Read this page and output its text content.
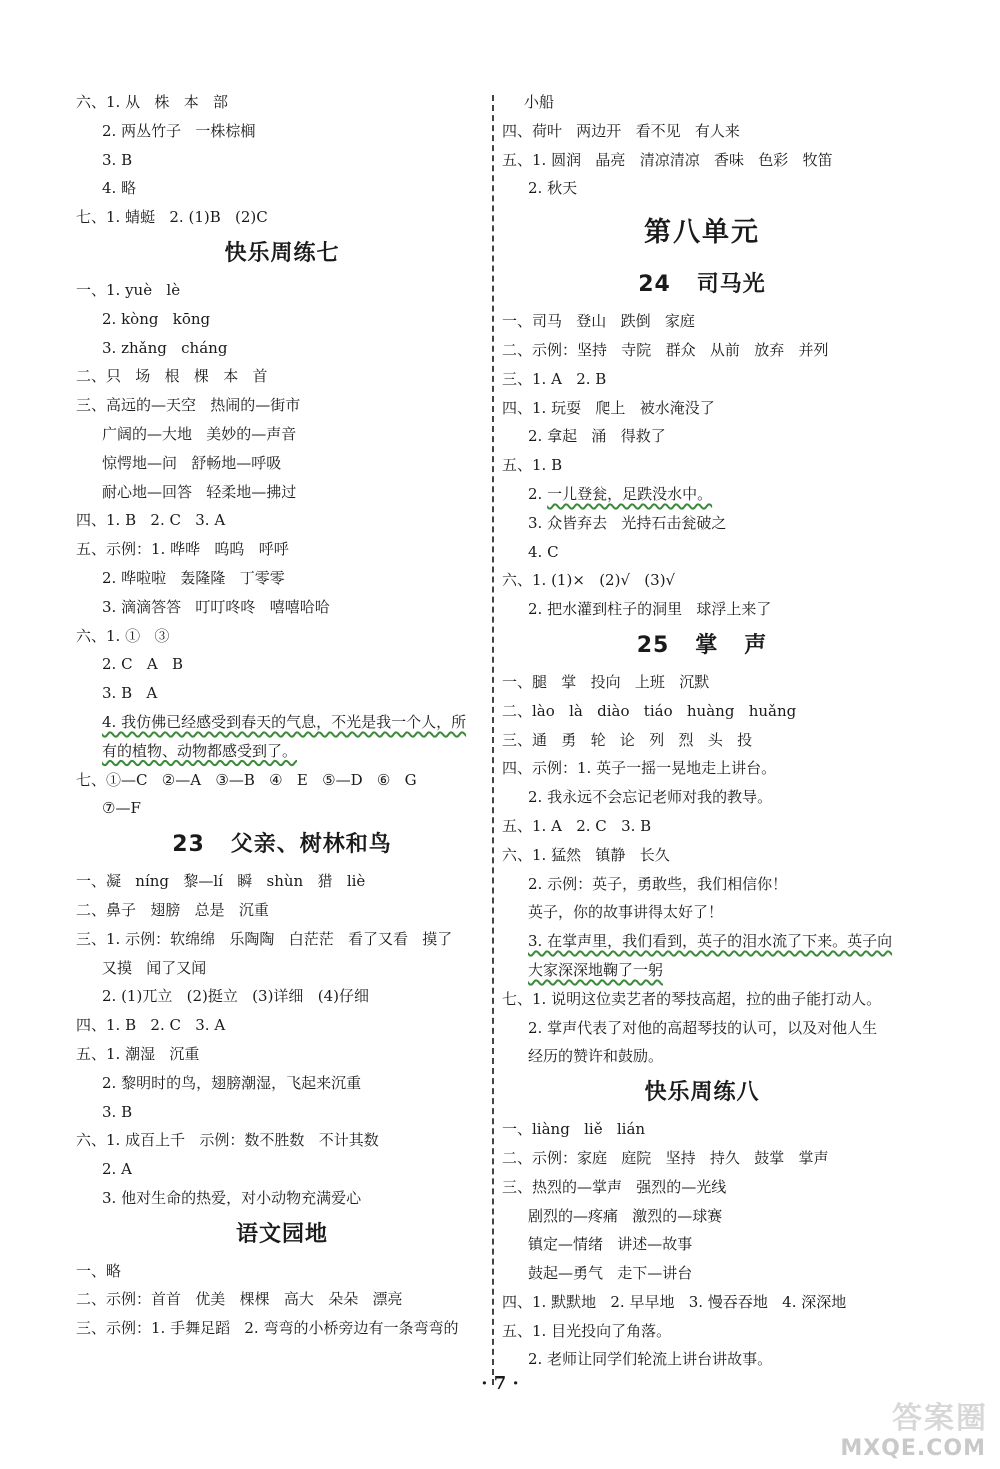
六、1. 从   株   本   部
2. 两丛竹子   一株棕榈
3. B
4. 略
七、1. 蜻蜓   2. (1)B   (2)C
快乐周练七
一、1. yuè   lè
2. kòng   kōng
3. zhǎng   cháng
二、只   场   根   棵   本   首
三、高远的—天空   热闹的—街市
广阔的—大地   美妙的—声音
惊愕地—问   舒畅地—呼吸
耐心地—回答   轻柔地—拂过
四、1. B   2. C   3. A
五、示例：1. 哗哗   呜呜   呼呼
2. 哗啦啦   轰隆隆   丁零零
3. 滴滴答答   叮叮咚咚   嘻嘻哈哈
六、1. ①   ③
2. C   A   B
3. B   A
4. 我仿佛已经感受到春天的气息，不光是我一个人，所
有的植物、动物都感受到了。
七、①—C   ②—A   ③—B   ④   E   ⑤—D   ⑥   G
⑦—F
23   父亲、树林和鸟
一、凝   níng   黎—lí   瞬   shùn   猎   liè
二、鼻子   翅膀   总是   沉重
三、1. 示例：软绵绵   乐陶陶   白茫茫   看了又看   摸了
又摸   闻了又闻
2. (1)兀立   (2)挺立   (3)详细   (4)仔细
四、1. B   2. C   3. A
五、1. 潮湿   沉重
2. 黎明时的鸟，翅膀潮湿，飞起来沉重
3. B
六、1. 成百上千   示例：数不胜数   不计其数
2. A
3. 他对生命的热爱，对小动物充满爱心
语文园地
一、略
二、示例：首首   优美   棵棵   高大   朵朵   漂亮
三、示例：1. 手舞足蹈   2. 弯弯的小桥旁边有一条弯弯的
小船
四、荷叶   两边开   看不见   有人来
五、1. 圆润   晶亮   清凉清凉   香味   色彩   牧笛
2. 秋天
第八单元
24   司马光
一、司马   登山   跌倒   家庭
二、示例：坚持   寺院   群众   从前   放弃   并列
三、1. A   2. B
四、1. 玩耍   爬上   被水淹没了
2. 拿起   涌   得救了
五、1. B
2. 一儿登瓮，足跌没水中。
3. 众皆弃去   光持石击瓮破之
4. C
六、1. (1)×   (2)√   (3)√
2. 把水灌到柱子的洞里   球浮上来了
25   掌   声
一、腿   掌   投向   上班   沉默
二、lào   là   diào   tiáo   huàng   huǎng
三、通   勇   轮   论   列   烈   头   投
四、示例：1. 英子一摇一晃地走上讲台。
2. 我永远不会忘记老师对我的教导。
五、1. A   2. C   3. B
六、1. 猛然   镇静   长久
2. 示例：英子，勇敢些，我们相信你！
英子，你的故事讲得太好了！
3. 在掌声里，我们看到，英子的泪水流了下来。英子向
大家深深地鞠了一躬
七、1. 说明这位卖艺者的琴技高超，拉的曲子能打动人。
2. 掌声代表了对他的高超琴技的认可，以及对他人生
经历的赞许和鼓励。
快乐周练八
一、liàng   liě   lián
二、示例：家庭   庭院   坚持   持久   鼓掌   掌声
三、热烈的—掌声   强烈的—光线
剧烈的—疼痛   激烈的—球赛
镇定—情绪   讲述—故事
鼓起—勇气   走下—讲台
四、1. 默默地   2. 早早地   3. 慢吞吞地   4. 深深地
五、1. 目光投向了角落。
2. 老师让同学们轮流上讲台讲故事。
· 7 ·
答案圈
MXQE.COM
